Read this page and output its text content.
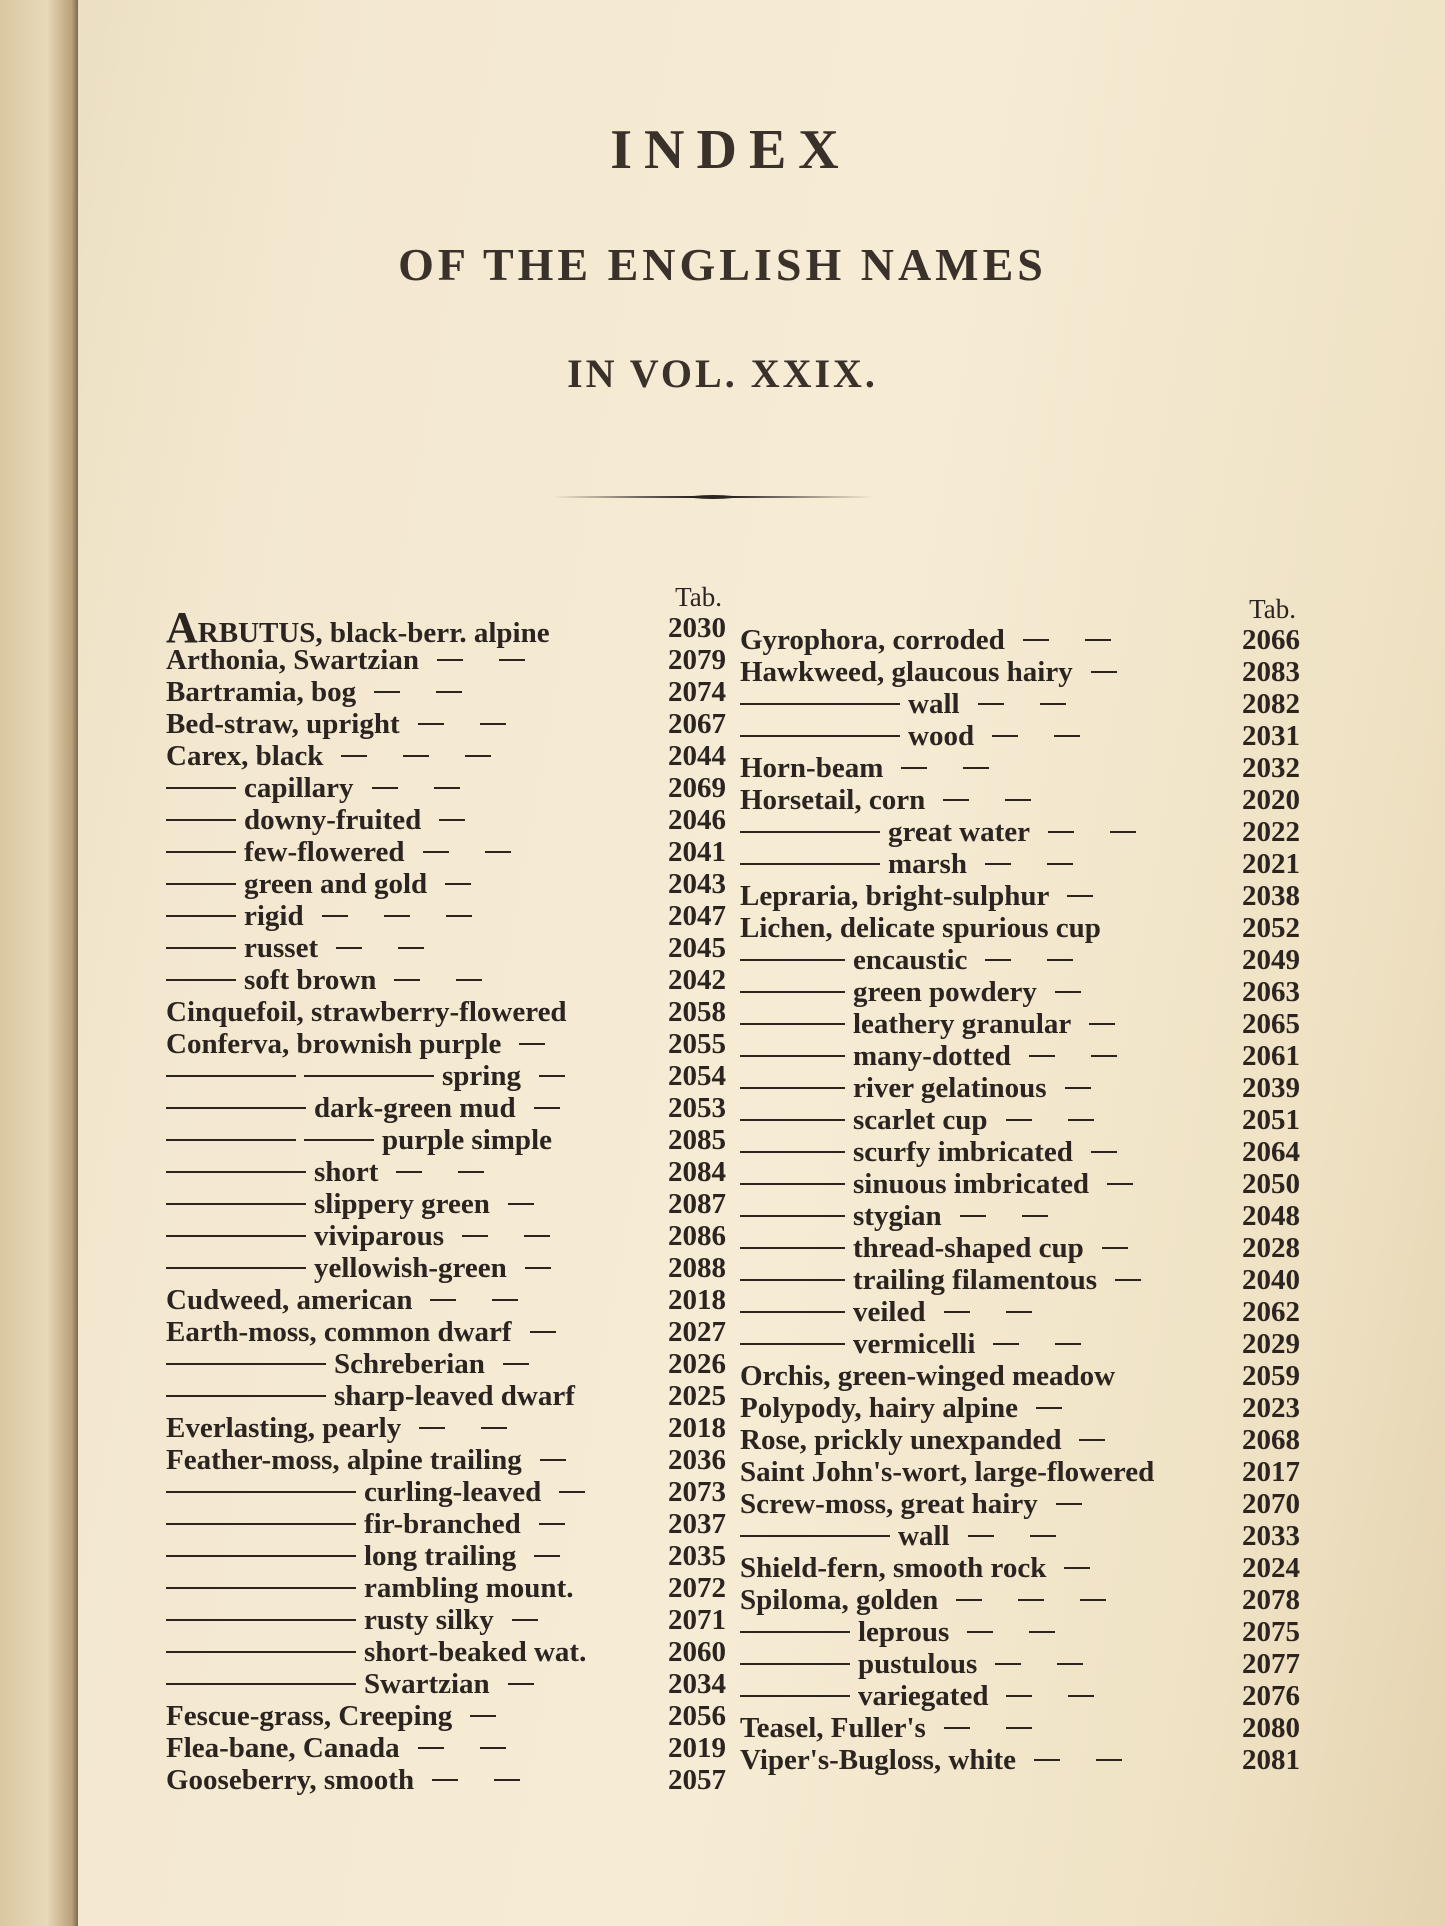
INDEX
OF THE ENGLISH NAMES
IN VOL. XXIX.
Tab.
ARBUTUS, black-berr. alpine	2030
Arthonia, Swartzian	2079
Bartramia, bog	2074
Bed-straw, upright	2067
Carex, black	2044
capillary	2069
downy-fruited	2046
few-flowered	2041
green and gold	2043
rigid	2047
russet	2045
soft brown	2042
Cinquefoil, strawberry-flowered	2058
Conferva, brownish purple	2055
spring	2054
dark-green mud	2053
purple simple	2085
short	2084
slippery green	2087
viviparous	2086
yellowish-green	2088
Cudweed, american	2018
Earth-moss, common dwarf	2027
Schreberian	2026
sharp-leaved dwarf	2025
Everlasting, pearly	2018
Feather-moss, alpine trailing	2036
curling-leaved	2073
fir-branched	2037
long trailing	2035
rambling mount.	2072
rusty silky	2071
short-beaked wat.	2060
Swartzian	2034
Fescue-grass, Creeping	2056
Flea-bane, Canada	2019
Gooseberry, smooth	2057
Tab.
Gyrophora, corroded	2066
Hawkweed, glaucous hairy	2083
wall	2082
wood	2031
Horn-beam	2032
Horsetail, corn	2020
great water	2022
marsh	2021
Lepraria, bright-sulphur	2038
Lichen, delicate spurious cup	2052
encaustic	2049
green powdery	2063
leathery granular	2065
many-dotted	2061
river gelatinous	2039
scarlet cup	2051
scurfy imbricated	2064
sinuous imbricated	2050
stygian	2048
thread-shaped cup	2028
trailing filamentous	2040
veiled	2062
vermicelli	2029
Orchis, green-winged meadow	2059
Polypody, hairy alpine	2023
Rose, prickly unexpanded	2068
Saint John's-wort, large-flowered	2017
Screw-moss, great hairy	2070
wall	2033
Shield-fern, smooth rock	2024
Spiloma, golden	2078
leprous	2075
pustulous	2077
variegated	2076
Teasel, Fuller's	2080
Viper's-Bugloss, white	2081
